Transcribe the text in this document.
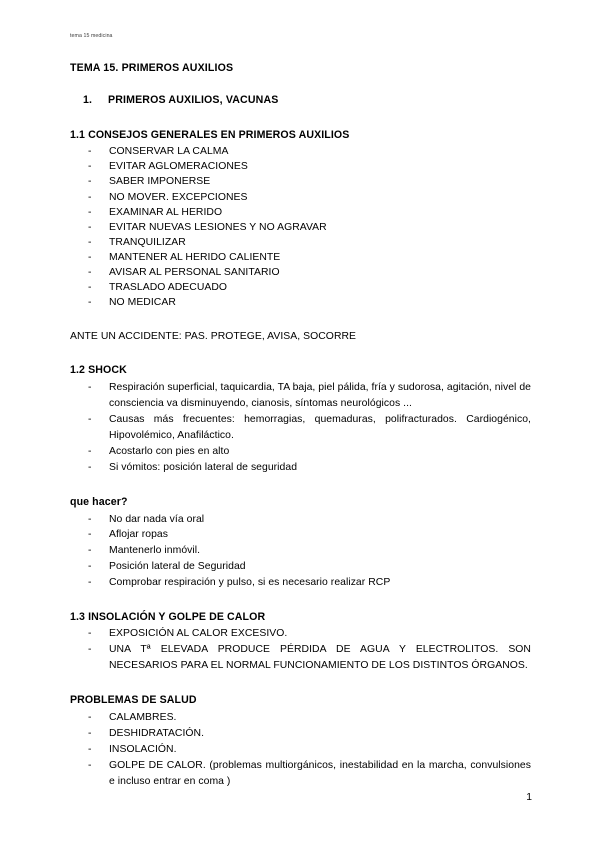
tema 15 medicina
TEMA 15. PRIMEROS AUXILIOS
1. PRIMEROS AUXILIOS, VACUNAS
1.1 CONSEJOS GENERALES EN PRIMEROS AUXILIOS
- CONSERVAR LA CALMA
- EVITAR AGLOMERACIONES
- SABER IMPONERSE
- NO MOVER. EXCEPCIONES
- EXAMINAR AL HERIDO
- EVITAR NUEVAS LESIONES Y NO AGRAVAR
- TRANQUILIZAR
- MANTENER AL HERIDO CALIENTE
- AVISAR AL PERSONAL SANITARIO
- TRASLADO ADECUADO
- NO MEDICAR

ANTE UN ACCIDENTE: PAS. PROTEGE, AVISA, SOCORRE

1.2 SHOCK
- Respiración superficial, taquicardia, TA baja, piel pálida, fría y sudorosa, agitación, nivel de consciencia va disminuyendo, cianosis, síntomas neurológicos ...
- Causas más frecuentes: hemorragias, quemaduras, polifracturados. Cardiogénico, Hipovolémico, Anafiláctico.
- Acostarlo con pies en alto
- Si vómitos: posición lateral de seguridad
que hacer?
- No dar nada vía oral
- Aflojar ropas
- Mantenerlo inmóvil.
- Posición lateral de Seguridad
- Comprobar respiración y pulso, si es necesario realizar RCP
1.3 INSOLACIÓN Y GOLPE DE CALOR
- EXPOSICIÓN AL CALOR EXCESIVO.
- UNA Tª ELEVADA PRODUCE PÉRDIDA DE AGUA Y ELECTROLITOS. SON NECESARIOS PARA EL NORMAL FUNCIONAMIENTO DE LOS DISTINTOS ÓRGANOS.
PROBLEMAS DE SALUD
- CALAMBRES.
- DESHIDRATACIÓN.
- INSOLACIÓN.
- GOLPE DE CALOR. (problemas multiorgánicos, inestabilidad en la marcha, convulsiones e incluso entrar en coma )
1
